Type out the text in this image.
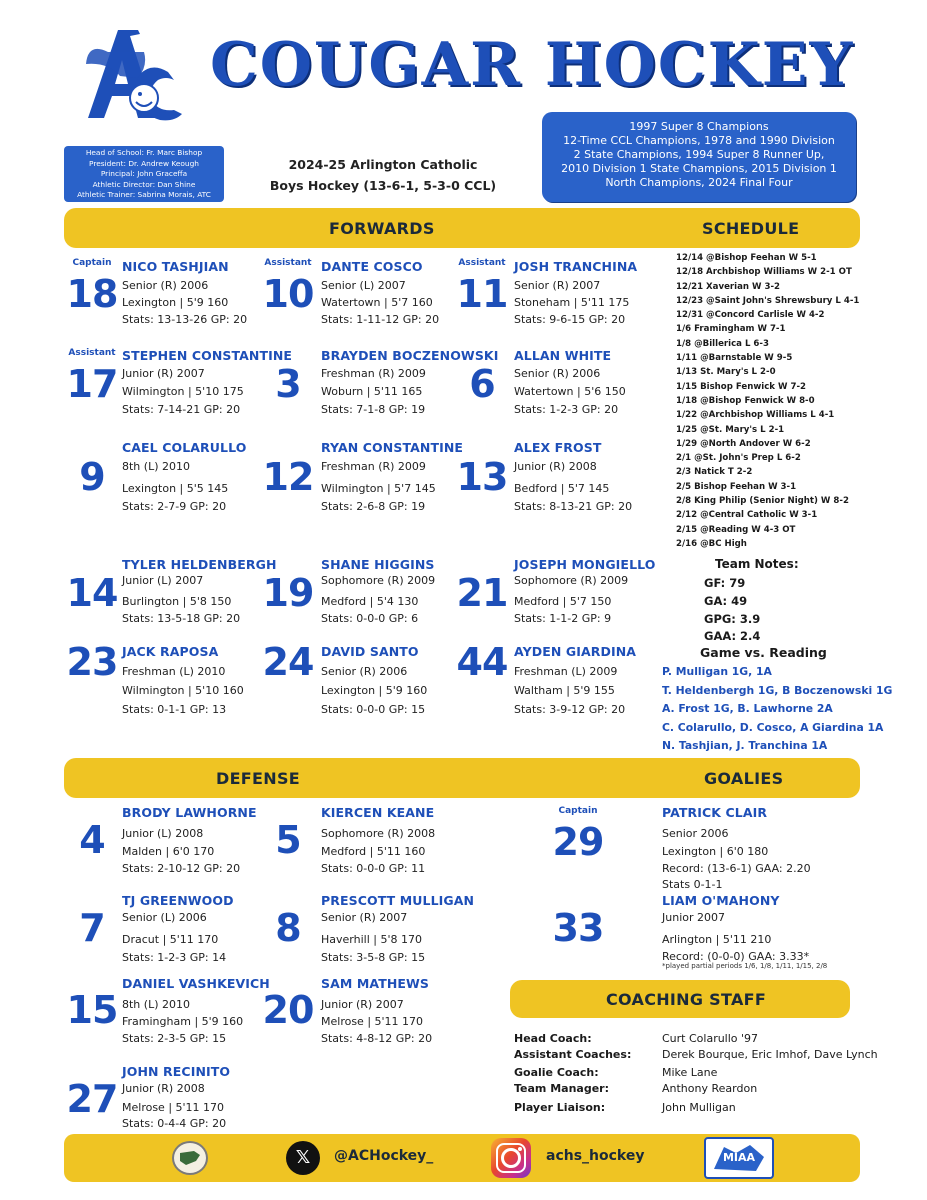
COUGAR HOCKEY
Head of School: Fr. Marc Bishop
President: Dr. Andrew Keough
Principal: John Graceffa
Athletic Director: Dan Shine
Athletic Trainer: Sabrina Morais, ATC
2024-25 Arlington Catholic
Boys Hockey (13-6-1, 5-3-0 CCL)
1997 Super 8 Champions
12-Time CCL Champions, 1978 and 1990 Division
2 State Champions, 1994 Super 8 Runner Up,
2010 Division 1 State Champions, 2015 Division 1
North Champions, 2024 Final Four
FORWARDS	SCHEDULE
Captain
18
NICO TASHJIAN
Senior (R) 2006
Lexington | 5'9 160
Stats: 13-13-26 GP: 20
Assistant
10
DANTE COSCO
Senior (L) 2007
Watertown | 5'7 160
Stats: 1-11-12 GP: 20
Assistant
11
JOSH TRANCHINA
Senior (R) 2007
Stoneham | 5'11 175
Stats: 9-6-15 GP: 20
Assistant
17
STEPHEN CONSTANTINE
Junior (R) 2007
Wilmington | 5'10 175
Stats: 7-14-21 GP: 20
3
BRAYDEN BOCZENOWSKI
Freshman (R) 2009
Woburn | 5'11 165
Stats: 7-1-8 GP: 19
6
ALLAN WHITE
Senior (R) 2006
Watertown | 5'6 150
Stats: 1-2-3 GP: 20
9
CAEL COLARULLO
8th (L) 2010
Lexington | 5'5 145
Stats: 2-7-9 GP: 20
12
RYAN CONSTANTINE
Freshman (R) 2009
Wilmington | 5'7 145
Stats: 2-6-8 GP: 19
13
ALEX FROST
Junior (R) 2008
Bedford | 5'7 145
Stats: 8-13-21 GP: 20
14
TYLER HELDENBERGH
Junior (L) 2007
Burlington | 5'8 150
Stats: 13-5-18 GP: 20
19
SHANE HIGGINS
Sophomore (R) 2009
Medford | 5'4 130
Stats: 0-0-0 GP: 6
21
JOSEPH MONGIELLO
Sophomore (R) 2009
Medford | 5'7 150
Stats: 1-1-2 GP: 9
23 JACK RAPOSA
Freshman (L) 2010
Wilmington | 5'10 160
Stats: 0-1-1 GP: 13
24 DAVID SANTO
Senior (R) 2006
Lexington | 5'9 160
Stats: 0-0-0 GP: 15
44 AYDEN GIARDINA
Freshman (L) 2009
Waltham | 5'9 155
Stats: 3-9-12 GP: 20
12/14 @Bishop Feehan W 5-1
12/18 Archbishop Williams W 2-1 OT
12/21 Xaverian W 3-2
12/23 @Saint John's Shrewsbury L 4-1
12/31 @Concord Carlisle W 4-2
1/6 Framingham W 7-1
1/8 @Billerica L 6-3
1/11 @Barnstable W 9-5
1/13 St. Mary's L 2-0
1/15 Bishop Fenwick W 7-2
1/18 @Bishop Fenwick W 8-0
1/22 @Archbishop Williams L 4-1
1/25 @St. Mary's L 2-1
1/29 @North Andover W 6-2
2/1 @St. John's Prep L 6-2
2/3 Natick T 2-2
2/5 Bishop Feehan W 3-1
2/8 King Philip (Senior Night) W 8-2
2/12 @Central Catholic W 3-1
2/15 @Reading W 4-3 OT
2/16 @BC High
Team Notes:
GF: 79
GA: 49
GPG: 3.9
GAA: 2.4
Game vs. Reading
P. Mulligan 1G, 1A
T. Heldenbergh 1G, B Boczenowski 1G
A. Frost 1G, B. Lawhorne 2A
C. Colarullo, D. Cosco, A Giardina 1A
N. Tashjian, J. Tranchina 1A
DEFENSE	GOALIES
4
BRODY LAWHORNE
Junior (L) 2008
Malden | 6'0 170
Stats: 2-10-12 GP: 20
5
KIERCEN KEANE
Sophomore (R) 2008
Medford | 5'11 160
Stats: 0-0-0 GP: 11
7
TJ GREENWOOD
Senior (L) 2006
Dracut | 5'11 170
Stats: 1-2-3 GP: 14
8
PRESCOTT MULLIGAN
Senior (R) 2007
Haverhill | 5'8 170
Stats: 3-5-8 GP: 15
15
DANIEL VASHKEVICH
8th (L) 2010
Framingham | 5'9 160
Stats: 2-3-5 GP: 15
20
SAM MATHEWS
Junior (R) 2007
Melrose | 5'11 170
Stats: 4-8-12 GP: 20
27
JOHN RECINITO
Junior (R) 2008
Melrose | 5'11 170
Stats: 0-4-4 GP: 20
Captain
29
PATRICK CLAIR
Senior 2006
Lexington | 6'0 180
Record: (13-6-1) GAA: 2.20
Stats 0-1-1
33
LIAM O'MAHONY
Junior 2007
Arlington | 5'11 210
Record: (0-0-0) GAA: 3.33*
*played partial periods 1/6, 1/8, 1/11, 1/15, 2/8
COACHING STAFF
Head Coach:	Curt Colarullo '97
Assistant Coaches:	Derek Bourque, Eric Imhof, Dave Lynch
Goalie Coach:	Mike Lane
Team Manager:	Anthony Reardon
Player Liaison:	John Mulligan
𝕏	@ACHockey_	achs_hockey	MIAA
